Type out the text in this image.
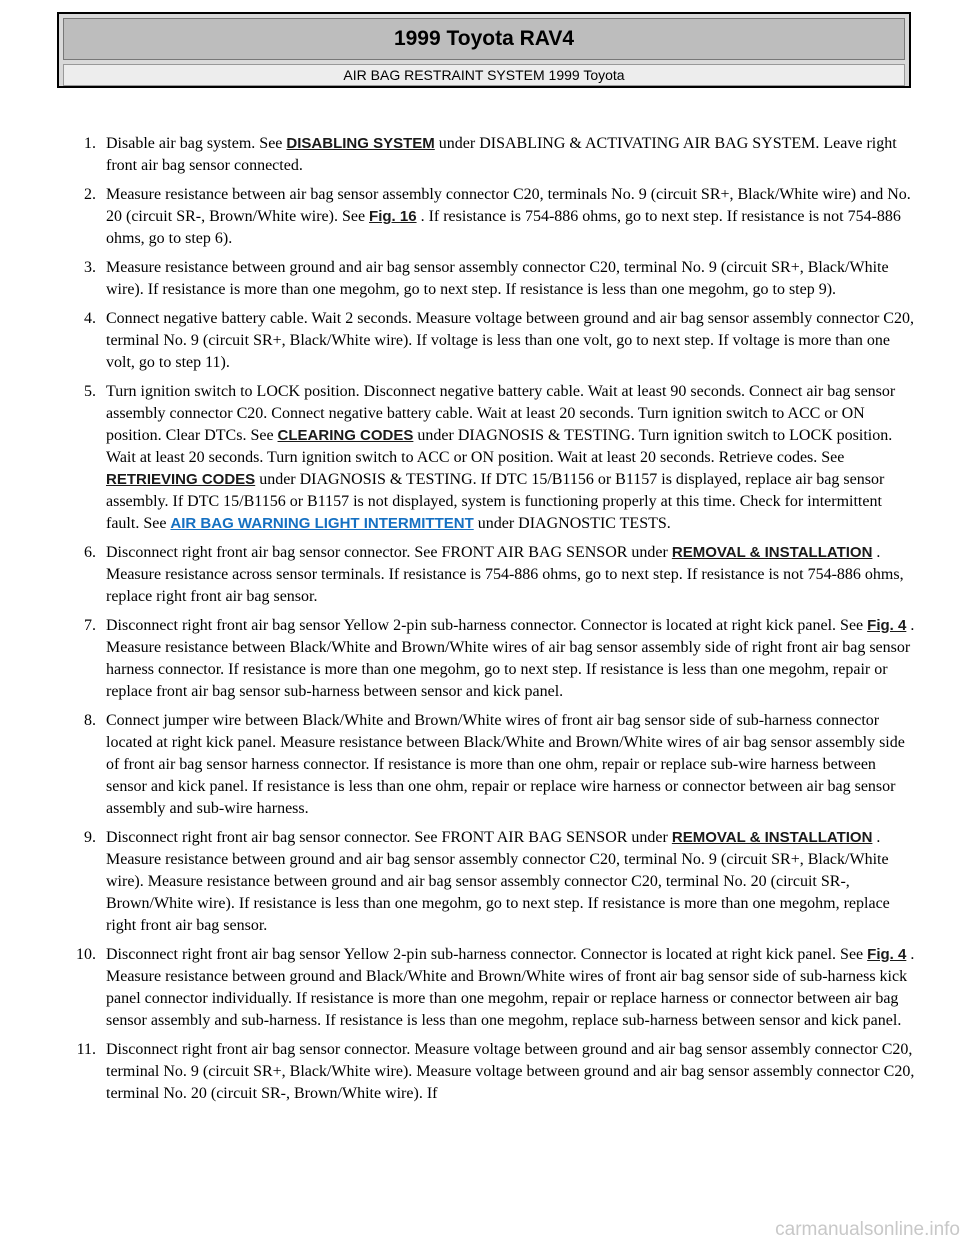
1999 Toyota RAV4
AIR BAG RESTRAINT SYSTEM 1999 Toyota
1. Disable air bag system. See DISABLING SYSTEM under DISABLING & ACTIVATING AIR BAG SYSTEM. Leave right front air bag sensor connected.
2. Measure resistance between air bag sensor assembly connector C20, terminals No. 9 (circuit SR+, Black/White wire) and No. 20 (circuit SR-, Brown/White wire). See Fig. 16 . If resistance is 754-886 ohms, go to next step. If resistance is not 754-886 ohms, go to step 6).
3. Measure resistance between ground and air bag sensor assembly connector C20, terminal No. 9 (circuit SR+, Black/White wire). If resistance is more than one megohm, go to next step. If resistance is less than one megohm, go to step 9).
4. Connect negative battery cable. Wait 2 seconds. Measure voltage between ground and air bag sensor assembly connector C20, terminal No. 9 (circuit SR+, Black/White wire). If voltage is less than one volt, go to next step. If voltage is more than one volt, go to step 11).
5. Turn ignition switch to LOCK position. Disconnect negative battery cable. Wait at least 90 seconds. Connect air bag sensor assembly connector C20. Connect negative battery cable. Wait at least 20 seconds. Turn ignition switch to ACC or ON position. Clear DTCs. See CLEARING CODES under DIAGNOSIS & TESTING. Turn ignition switch to LOCK position. Wait at least 20 seconds. Turn ignition switch to ACC or ON position. Wait at least 20 seconds. Retrieve codes. See RETRIEVING CODES under DIAGNOSIS & TESTING. If DTC 15/B1156 or B1157 is displayed, replace air bag sensor assembly. If DTC 15/B1156 or B1157 is not displayed, system is functioning properly at this time. Check for intermittent fault. See AIR BAG WARNING LIGHT INTERMITTENT under DIAGNOSTIC TESTS.
6. Disconnect right front air bag sensor connector. See FRONT AIR BAG SENSOR under REMOVAL & INSTALLATION . Measure resistance across sensor terminals. If resistance is 754-886 ohms, go to next step. If resistance is not 754-886 ohms, replace right front air bag sensor.
7. Disconnect right front air bag sensor Yellow 2-pin sub-harness connector. Connector is located at right kick panel. See Fig. 4 . Measure resistance between Black/White and Brown/White wires of air bag sensor assembly side of right front air bag sensor harness connector. If resistance is more than one megohm, go to next step. If resistance is less than one megohm, repair or replace front air bag sensor sub-harness between sensor and kick panel.
8. Connect jumper wire between Black/White and Brown/White wires of front air bag sensor side of sub-harness connector located at right kick panel. Measure resistance between Black/White and Brown/White wires of air bag sensor assembly side of front air bag sensor harness connector. If resistance is more than one ohm, repair or replace sub-wire harness between sensor and kick panel. If resistance is less than one ohm, repair or replace wire harness or connector between air bag sensor assembly and sub-wire harness.
9. Disconnect right front air bag sensor connector. See FRONT AIR BAG SENSOR under REMOVAL & INSTALLATION . Measure resistance between ground and air bag sensor assembly connector C20, terminal No. 9 (circuit SR+, Black/White wire). Measure resistance between ground and air bag sensor assembly connector C20, terminal No. 20 (circuit SR-, Brown/White wire). If resistance is less than one megohm, go to next step. If resistance is more than one megohm, replace right front air bag sensor.
10. Disconnect right front air bag sensor Yellow 2-pin sub-harness connector. Connector is located at right kick panel. See Fig. 4 . Measure resistance between ground and Black/White and Brown/White wires of front air bag sensor side of sub-harness kick panel connector individually. If resistance is more than one megohm, repair or replace harness or connector between air bag sensor assembly and sub-harness. If resistance is less than one megohm, replace sub-harness between sensor and kick panel.
11. Disconnect right front air bag sensor connector. Measure voltage between ground and air bag sensor assembly connector C20, terminal No. 9 (circuit SR+, Black/White wire). Measure voltage between ground and air bag sensor assembly connector C20, terminal No. 20 (circuit SR-, Brown/White wire). If
carmanualsonline.info
